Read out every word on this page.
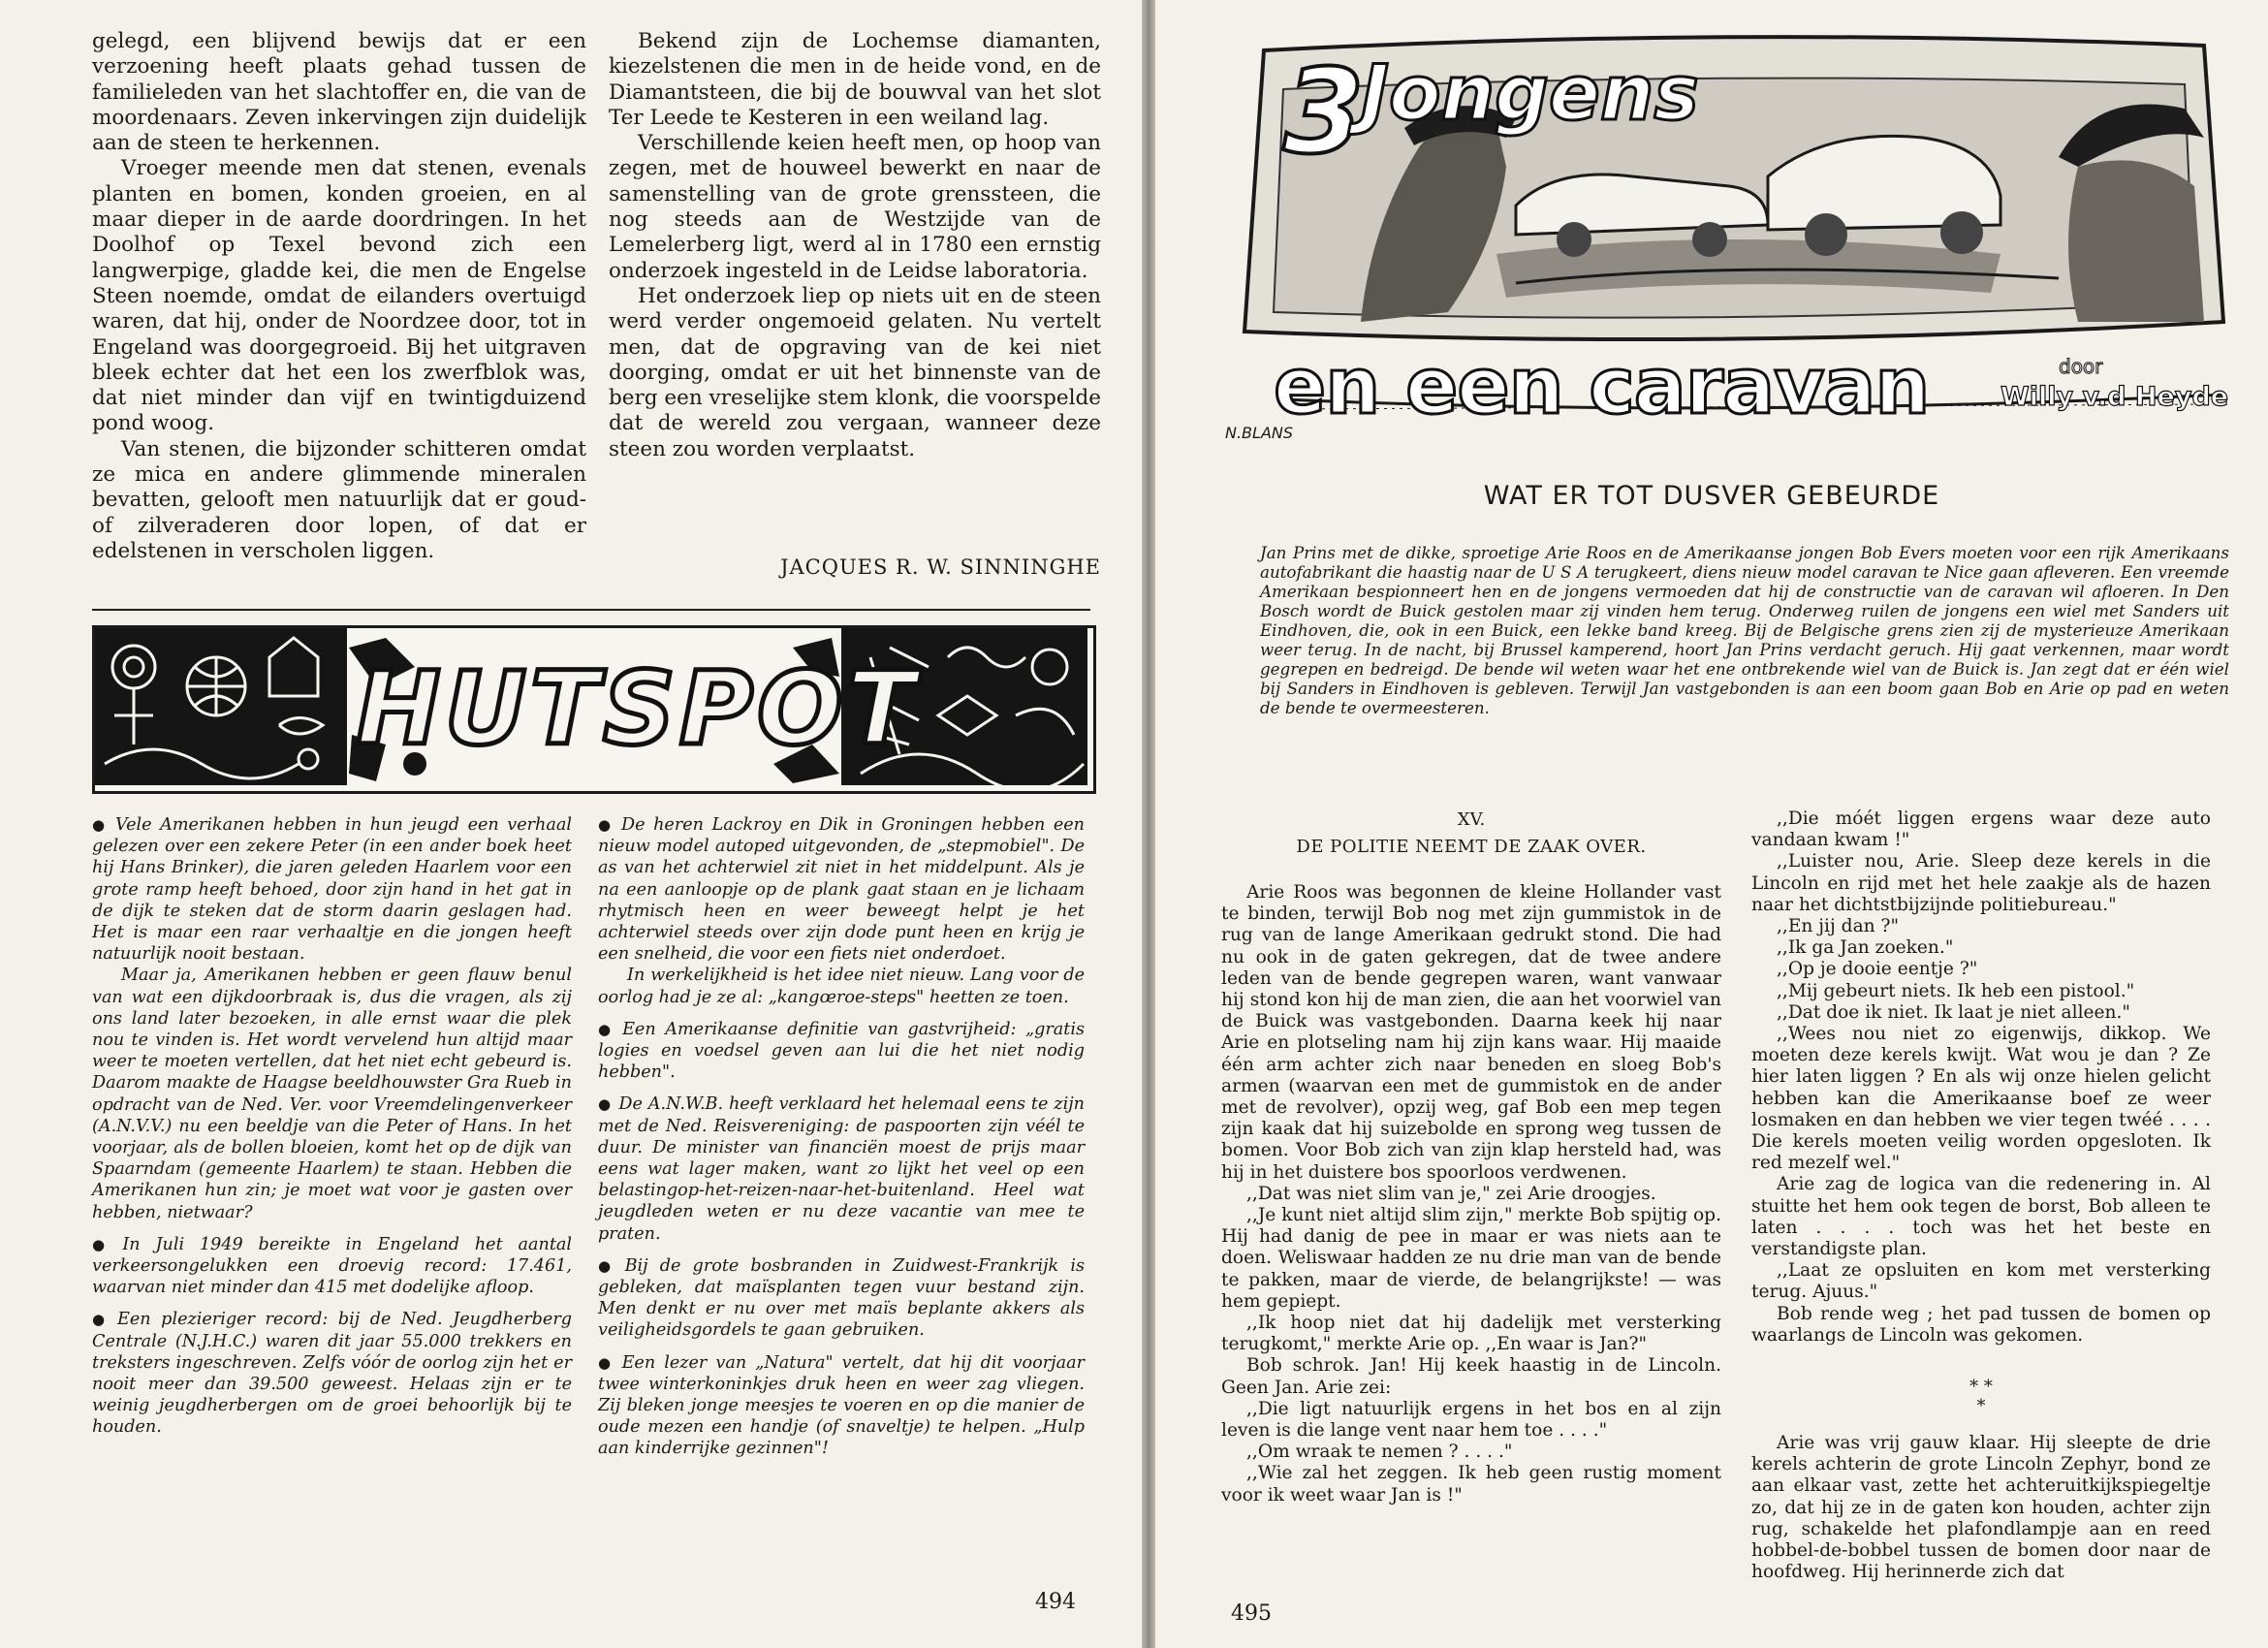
gelegd, een blijvend bewijs dat er een verzoening heeft plaats gehad tussen de familieleden van het slachtoffer en, die van de moordenaars. Zeven inkervingen zijn duidelijk aan de steen te herkennen.

Vroeger meende men dat stenen, evenals planten en bomen, konden groeien, en al maar dieper in de aarde doordringen. In het Doolhof op Texel bevond zich een langwerpige, gladde kei, die men de Engelse Steen noemde, omdat de eilanders overtuigd waren, dat hij, onder de Noordzee door, tot in Engeland was doorgegroeid. Bij het uitgraven bleek echter dat het een los zwerfblok was, dat niet minder dan vijf en twintigduizend pond woog.

Van stenen, die bijzonder schitteren omdat ze mica en andere glimmende mineralen bevatten, gelooft men natuurlijk dat er goud- of zilveraderen door lopen, of dat er edelstenen in verscholen liggen.

Bekend zijn de Lochemse diamanten, kiezelstenen die men in de heide vond, en de Diamantsteen, die bij de bouwval van het slot Ter Leede te Kesteren in een weiland lag.

Verschillende keien heeft men, op hoop van zegen, met de houweel bewerkt en naar de samenstelling van de grote grenssteen, die nog steeds aan de Westzijde van de Lemelerberg ligt, werd al in 1780 een ernstig onderzoek ingesteld in de Leidse laboratoria.

Het onderzoek liep op niets uit en de steen werd verder ongemoeid gelaten. Nu vertelt men, dat de opgraving van de kei niet doorging, omdat er uit het binnenste van de berg een vreselijke stem klonk, die voorspelde dat de wereld zou vergaan, wanneer deze steen zou worden verplaatst.

JACQUES R. W. SINNINGHE
HUTSPOT

● Vele Amerikanen hebben in hun jeugd een verhaal gelezen over een zekere Peter (in een ander boek heet hij Hans Brinker), die jaren geleden Haarlem voor een grote ramp heeft behoed, door zijn hand in het gat in de dijk te steken dat de storm daarin geslagen had. Het is maar een raar verhaaltje en die jongen heeft natuurlijk nooit bestaan.

Maar ja, Amerikanen hebben er geen flauw benul van wat een dijkdoorbraak is, dus die vragen, als zij ons land later bezoeken, in alle ernst waar die plek nou te vinden is. Het wordt vervelend hun altijd maar weer te moeten vertellen, dat het niet echt gebeurd is. Daarom maakte de Haagse beeldhouwster Gra Rueb in opdracht van de Ned. Ver. voor Vreemdelingenverkeer (A.N.V.V.) nu een beeldje van die Peter of Hans. In het voorjaar, als de bollen bloeien, komt het op de dijk van Spaarndam (gemeente Haarlem) te staan. Hebben die Amerikanen hun zin; je moet wat voor je gasten over hebben, nietwaar?

● In Juli 1949 bereikte in Engeland het aantal verkeersongelukken een droevig record: 17.461, waarvan niet minder dan 415 met dodelijke afloop.

● Een plezieriger record: bij de Ned. Jeugdherberg Centrale (N.J.H.C.) waren dit jaar 55.000 trekkers en treksters ingeschreven. Zelfs vóór de oorlog zijn het er nooit meer dan 39.500 geweest. Helaas zijn er te weinig jeugdherbergen om de groei behoorlijk bij te houden.

● De heren Lackroy en Dik in Groningen hebben een nieuw model autoped uitgevonden, de „stepmobiel". De as van het achterwiel zit niet in het middelpunt. Als je na een aanloopje op de plank gaat staan en je lichaam rhytmisch heen en weer beweegt helpt je het achterwiel steeds over zijn dode punt heen en krijg je een snelheid, die voor een fiets niet onderdoet.

In werkelijkheid is het idee niet nieuw. Lang voor de oorlog had je ze al: „kangœroe-steps" heetten ze toen.

● Een Amerikaanse definitie van gastvrijheid: „gratis logies en voedsel geven aan lui die het niet nodig hebben".

● De A.N.W.B. heeft verklaard het helemaal eens te zijn met de Ned. Reisvereniging: de paspoorten zijn véél te duur. De minister van financiën moest de prijs maar eens wat lager maken, want zo lijkt het veel op een belastingop-het-reizen-naar-het-buitenland. Heel wat jeugdleden weten er nu deze vacantie van mee te praten.

● Bij de grote bosbranden in Zuidwest-Frankrijk is gebleken, dat maïsplanten tegen vuur bestand zijn. Men denkt er nu over met maïs beplante akkers als veiligheidsgordels te gaan gebruiken.

● Een lezer van „Natura" vertelt, dat hij dit voorjaar twee winterkoninkjes druk heen en weer zag vliegen. Zij bleken jonge meesjes te voeren en op die manier de oude mezen een handje (of snaveltje) te helpen. „Hulp aan kinderrijke gezinnen"!

494
3
Jongens
en een caravan	door
Willy v.d Heyde
N.BLANS
WAT ER TOT DUSVER GEBEURDE
Jan Prins met de dikke, sproetige Arie Roos en de Amerikaanse jongen Bob Evers moeten voor een rijk Amerikaans autofabrikant die haastig naar de U S A terugkeert, diens nieuw model caravan te Nice gaan afleveren. Een vreemde Amerikaan bespionneert hen en de jongens vermoeden dat hij de constructie van de caravan wil afloeren. In Den Bosch wordt de Buick gestolen maar zij vinden hem terug. Onderweg ruilen de jongens een wiel met Sanders uit Eindhoven, die, ook in een Buick, een lekke band kreeg. Bij de Belgische grens zien zij de mysterieuze Amerikaan weer terug. In de nacht, bij Brussel kamperend, hoort Jan Prins verdacht geruch. Hij gaat verkennen, maar wordt gegrepen en bedreigd. De bende wil weten waar het ene ontbrekende wiel van de Buick is. Jan zegt dat er één wiel bij Sanders in Eindhoven is gebleven. Terwijl Jan vastgebonden is aan een boom gaan Bob en Arie op pad en weten de bende te overmeesteren.
XV.
DE POLITIE NEEMT DE ZAAK OVER.

Arie Roos was begonnen de kleine Hollander vast te binden, terwijl Bob nog met zijn gummistok in de rug van de lange Amerikaan gedrukt stond. Die had nu ook in de gaten gekregen, dat de twee andere leden van de bende gegrepen waren, want vanwaar hij stond kon hij de man zien, die aan het voorwiel van de Buick was vastgebonden. Daarna keek hij naar Arie en plotseling nam hij zijn kans waar. Hij maaide één arm achter zich naar beneden en sloeg Bob's armen (waarvan een met de gummistok en de ander met de revolver), opzij weg, gaf Bob een mep tegen zijn kaak dat hij suizebolde en sprong weg tussen de bomen. Voor Bob zich van zijn klap hersteld had, was hij in het duistere bos spoorloos verdwenen.

,,Dat was niet slim van je," zei Arie droogjes.

,,Je kunt niet altijd slim zijn," merkte Bob spijtig op. Hij had danig de pee in maar er was niets aan te doen. Weliswaar hadden ze nu drie man van de bende te pakken, maar de vierde, de belangrijkste! — was hem gepiept.

,,Ik hoop niet dat hij dadelijk met versterking terugkomt," merkte Arie op. ,,En waar is Jan?"

Bob schrok. Jan! Hij keek haastig in de Lincoln. Geen Jan. Arie zei:

,,Die ligt natuurlijk ergens in het bos en al zijn leven is die lange vent naar hem toe . . . ."

,,Om wraak te nemen ? . . . ."

,,Wie zal het zeggen. Ik heb geen rustig moment voor ik weet waar Jan is !"

,,Die móét liggen ergens waar deze auto vandaan kwam !"

,,Luister nou, Arie. Sleep deze kerels in die Lincoln en rijd met het hele zaakje als de hazen naar het dichtstbijzijnde politiebureau."

,,En jij dan ?"

,,Ik ga Jan zoeken."

,,Op je dooie eentje ?"

,,Mij gebeurt niets. Ik heb een pistool."

,,Dat doe ik niet. Ik laat je niet alleen."

,,Wees nou niet zo eigenwijs, dikkop. We moeten deze kerels kwijt. Wat wou je dan ? Ze hier laten liggen ? En als wij onze hielen gelicht hebben kan die Amerikaanse boef ze weer losmaken en dan hebben we vier tegen twéé . . . . Die kerels moeten veilig worden opgesloten. Ik red mezelf wel."

Arie zag de logica van die redenering in. Al stuitte het hem ook tegen de borst, Bob alleen te laten . . . . toch was het het beste en verstandigste plan.

,,Laat ze opsluiten en kom met versterking terug. Ajuus."

Bob rende weg ; het pad tussen de bomen op waarlangs de Lincoln was gekomen.

* *
*

Arie was vrij gauw klaar. Hij sleepte de drie kerels achterin de grote Lincoln Zephyr, bond ze aan elkaar vast, zette het achteruitkijkspiegeltje zo, dat hij ze in de gaten kon houden, achter zijn rug, schakelde het plafondlampje aan en reed hobbel-de-bobbel tussen de bomen door naar de hoofdweg. Hij herinnerde zich dat

495
